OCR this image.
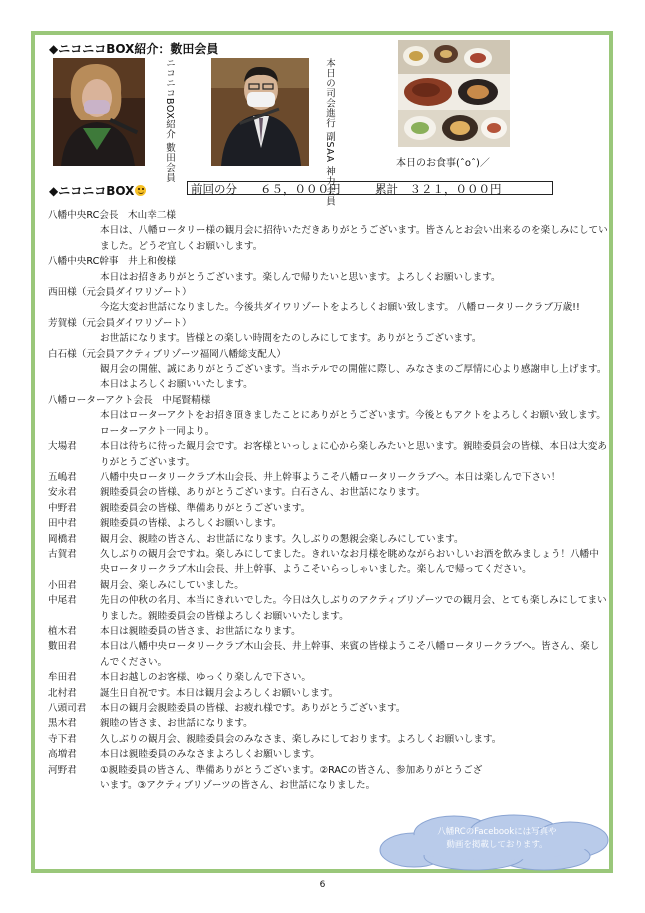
◆ニコニコBOX紹介：數田会員
ニコニコBOX紹介 數田会員	本日の司会進行 副SAA 神力会員	本日のお食事(ˆoˆ)／
◆ニコニコBOX	前回の分　　６５，０００円　　　累計　３２１，０００円
八幡中央RC会長　木山幸二様
本日は、八幡ロータリー様の観月会に招待いただきありがとうございます。皆さんとお会い出来るのを楽しみにしていました。どうぞ宜しくお願いします。
八幡中央RC幹事　井上和俊様
本日はお招きありがとうございます。楽しんで帰りたいと思います。よろしくお願いします。
西田様（元会員ダイワリゾート）
今迄大変お世話になりました。今後共ダイワリゾートをよろしくお願い致します。 八幡ロータリークラブ万歳!!
芳賀様（元会員ダイワリゾート）
お世話になります。皆様との楽しい時間をたのしみにしてます。ありがとうございます。
白石様（元会員アクティブリゾーツ福岡八幡総支配人）
観月会の開催、誠にありがとうございます。当ホテルでの開催に際し、みなさまのご厚情に心より感謝申し上げます。本日はよろしくお願いいたします。
八幡ローターアクト会長　中尾賢精様
本日はローターアクトをお招き頂きましたことにありがとうございます。今後ともアクトをよろしくお願い致します。ローターアクト一同より。
大場君	本日は待ちに待った観月会です。お客様といっしょに心から楽しみたいと思います。親睦委員会の皆様、本日は大変ありがとうございます。
五嶋君	八幡中央ロータリークラブ木山会長、井上幹事ようこそ八幡ロータリークラブへ。本日は楽しんで下さい！
安永君	親睦委員会の皆様、ありがとうございます。白石さん、お世話になります。
中野君	親睦委員会の皆様、準備ありがとうございます。
田中君	親睦委員の皆様、よろしくお願いします。
岡橋君	観月会、親睦の皆さん、お世話になります。久しぶりの懇親会楽しみにしています。
古賀君	久しぶりの観月会ですね。楽しみにしてました。きれいなお月様を眺めながらおいしいお酒を飲みましょう！八幡中央ロータリークラブ木山会長、井上幹事、ようこそいらっしゃいました。楽しんで帰ってください。
小田君	観月会、楽しみにしていました。
中尾君	先日の仲秋の名月、本当にきれいでした。今日は久しぶりのアクティブリゾーツでの観月会、とても楽しみにしてまいりました。親睦委員会の皆様よろしくお願いいたします。
植木君	本日は親睦委員の皆さま、お世話になります。
數田君	本日は八幡中央ロータリークラブ木山会長、井上幹事、来賓の皆様ようこそ八幡ロータリークラブへ。皆さん、楽しんでください。
牟田君	本日お越しのお客様、ゆっくり楽しんで下さい。
北村君	誕生日自祝です。本日は観月会よろしくお願いします。
八頭司君	本日の観月会親睦委員の皆様、お疲れ様です。ありがとうございます。
黒木君	親睦の皆さま、お世話になります。
寺下君	久しぶりの観月会、親睦委員会のみなさま、楽しみにしております。よろしくお願いします。
高増君	本日は親睦委員のみなさまよろしくお願いします。
河野君	①親睦委員の皆さん、準備ありがとうございます。②RACの皆さん、参加ありがとうございます。③アクティブリゾーツの皆さん、お世話になりました。
八幡RCのFacebookには写真や
動画を掲載しております。
6
